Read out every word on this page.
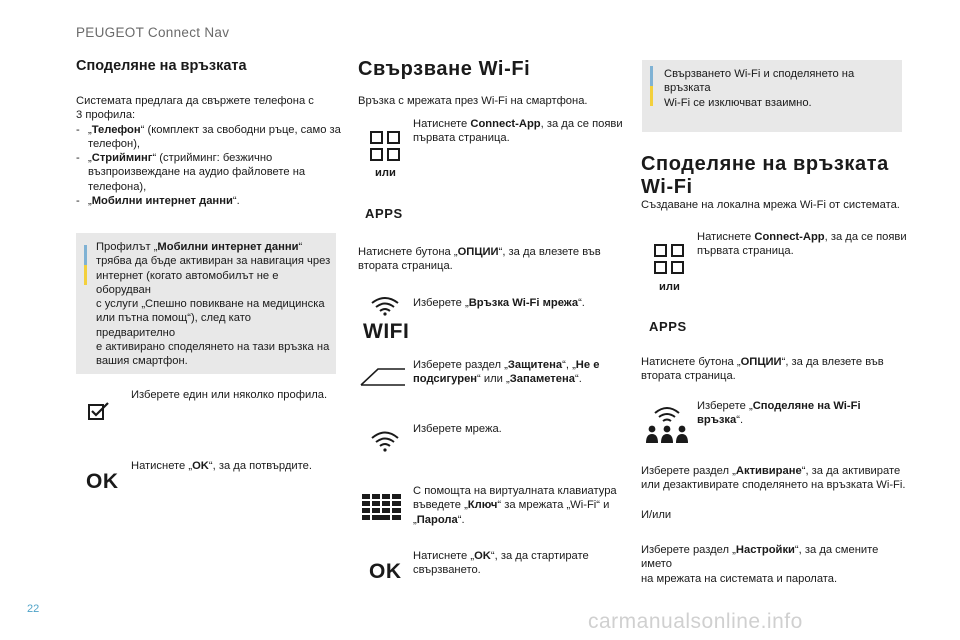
PEUGEOT Connect Nav
22
carmanualsonline.info
Споделяне на връзката
Системата предлага да свържете телефона с
3 профила:
- „Телефон“ (комплект за свободни ръце, само за
телефон),
- „Стрийминг“ (стрийминг: безжично
възпроизвеждане на аудио файловете на
телефона),
- „Мобилни интернет данни“.
Профилът „Мобилни интернет данни“
трябва да бъде активиран за навигация чрез
интернет (когато автомобилът не е оборудван
с услуги „Спешно повикване на медицинска
или пътна помощ“), след като предварително
е активирано споделянето на тази връзка на
вашия смартфон.
Изберете един или няколко профила.
OK
Натиснете „OK“, за да потвърдите.
Свързване Wi-Fi
Връзка с мрежата през Wi-Fi на смартфона.
или
APPS
Натиснете Connect-App, за да се появи
първата страница.
Натиснете бутона „ОПЦИИ“, за да влезете във
втората страница.
WIFI
Изберете „Връзка Wi-Fi мрежа“.
Изберете раздел „Защитена“, „Не е
подсигурен“ или „Запаметена“.
Изберете мрежа.
С помощта на виртуалната клавиатура
въведете „Ключ“ за мрежата „Wi-Fi“ и
„Парола“.
OK
Натиснете „OK“, за да стартирате
свързването.
Свързването Wi-Fi и споделянето на връзката
Wi-Fi се изключват взаимно.
Споделяне на връзката
Wi-Fi
Създаване на локална мрежа Wi-Fi от системата.
или
APPS
Натиснете Connect-App, за да се появи
първата страница.
Натиснете бутона „ОПЦИИ“, за да влезете във
втората страница.
Изберете „Споделяне на Wi-Fi
връзка“.
Изберете раздел „Активиране“, за да активирате
или дезактивирате споделянето на връзката Wi-Fi.
И/или
Изберете раздел „Настройки“, за да смените името
на мрежата на системата и паролата.
